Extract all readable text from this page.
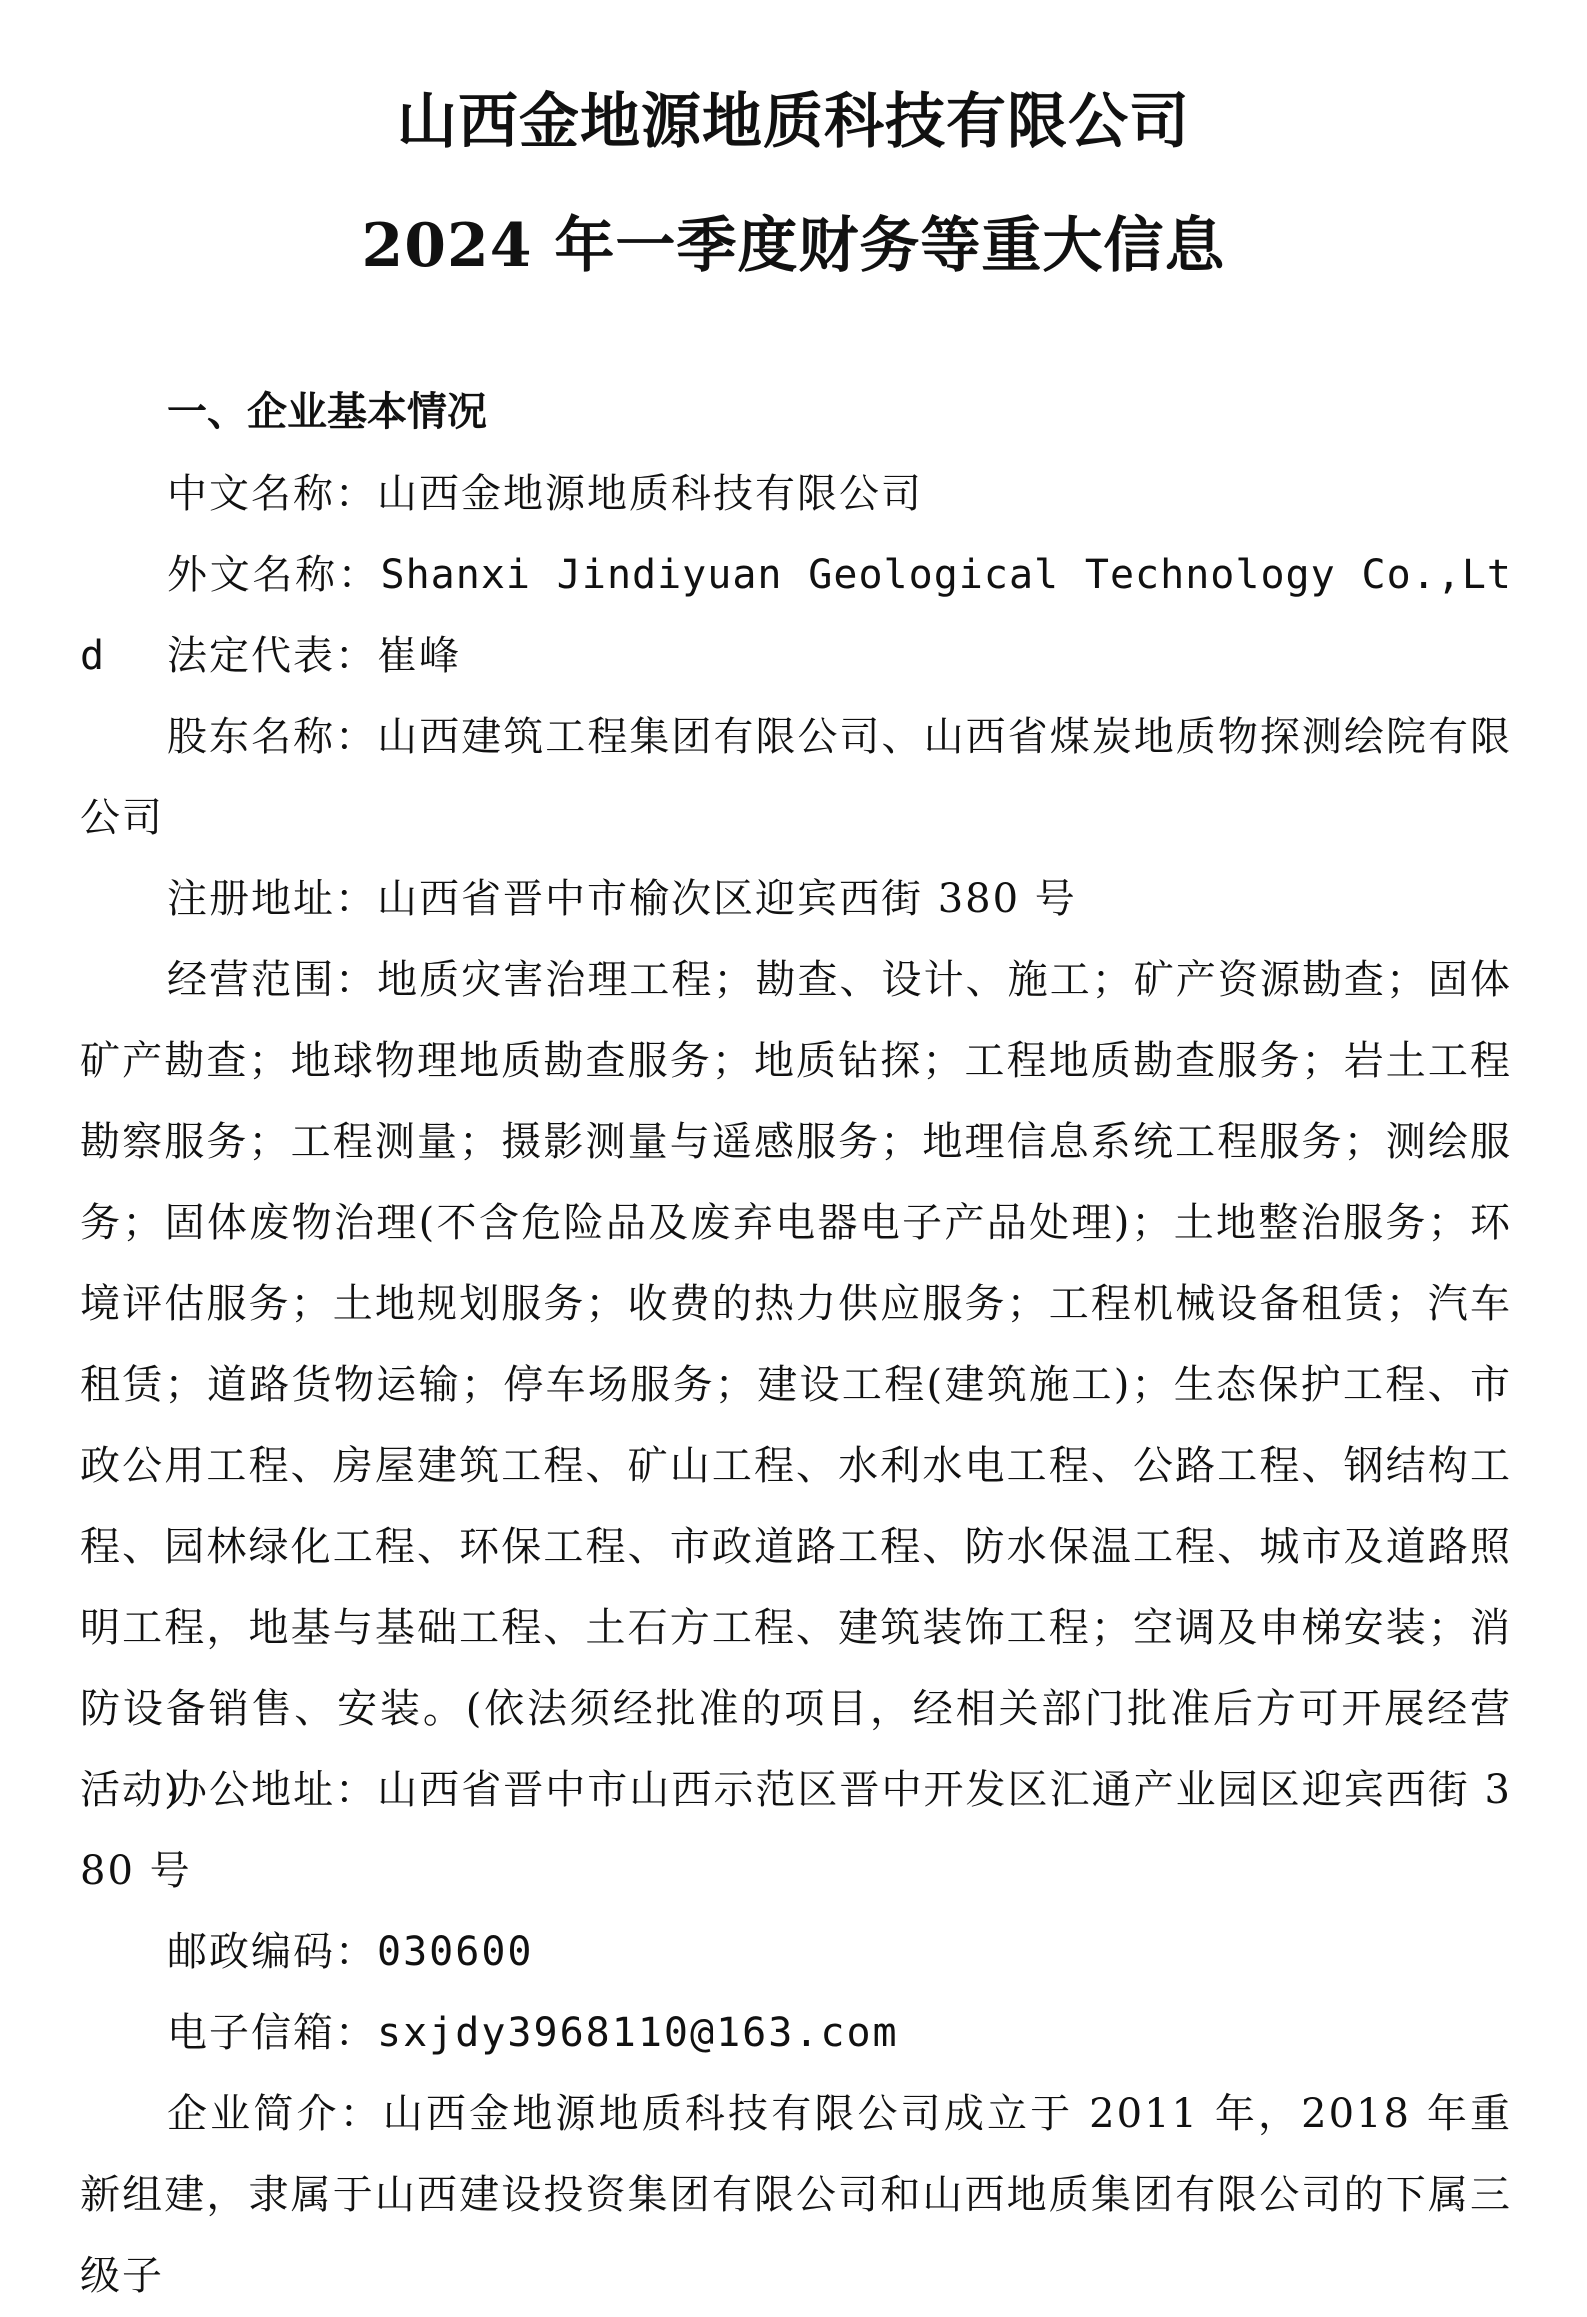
山西金地源地质科技有限公司
2024 年一季度财务等重大信息
一、企业基本情况

中文名称：山西金地源地质科技有限公司

外文名称：Shanxi Jindiyuan Geological Technology Co.,Ltd	法定代表：崔峰

股东名称：山西建筑工程集团有限公司、山西省煤炭地质物探测绘院有限公司

注册地址：山西省晋中市榆次区迎宾西街 380 号

经营范围：地质灾害治理工程；勘查、设计、施工；矿产资源勘查；固体矿产勘查；地球物理地质勘查服务；地质钻探；工程地质勘查服务；岩土工程勘察服务；工程测量；摄影测量与遥感服务；地理信息系统工程服务；测绘服务；固体废物治理(不含危险品及废弃电器电子产品处理)；土地整治服务；环境评估服务；土地规划服务；收费的热力供应服务；工程机械设备租赁；汽车租赁；道路货物运输；停车场服务；建设工程(建筑施工)；生态保护工程、市政公用工程、房屋建筑工程、矿山工程、水利水电工程、公路工程、钢结构工程、园林绿化工程、环保工程、市政道路工程、防水保温工程、城市及道路照明工程，地基与基础工程、土石方工程、建筑装饰工程；空调及申梯安装；消防设备销售、安装。(依法须经批准的项目，经相关部门批准后方可开展经营活动)

办公地址：山西省晋中市山西示范区晋中开发区汇通产业园区迎宾西街 380 号

邮政编码：030600

电子信箱：sxjdy3968110@163.com

企业简介：山西金地源地质科技有限公司成立于 2011 年，2018 年重新组建，隶属于山西建设投资集团有限公司和山西地质集团有限公司的下属三级子
